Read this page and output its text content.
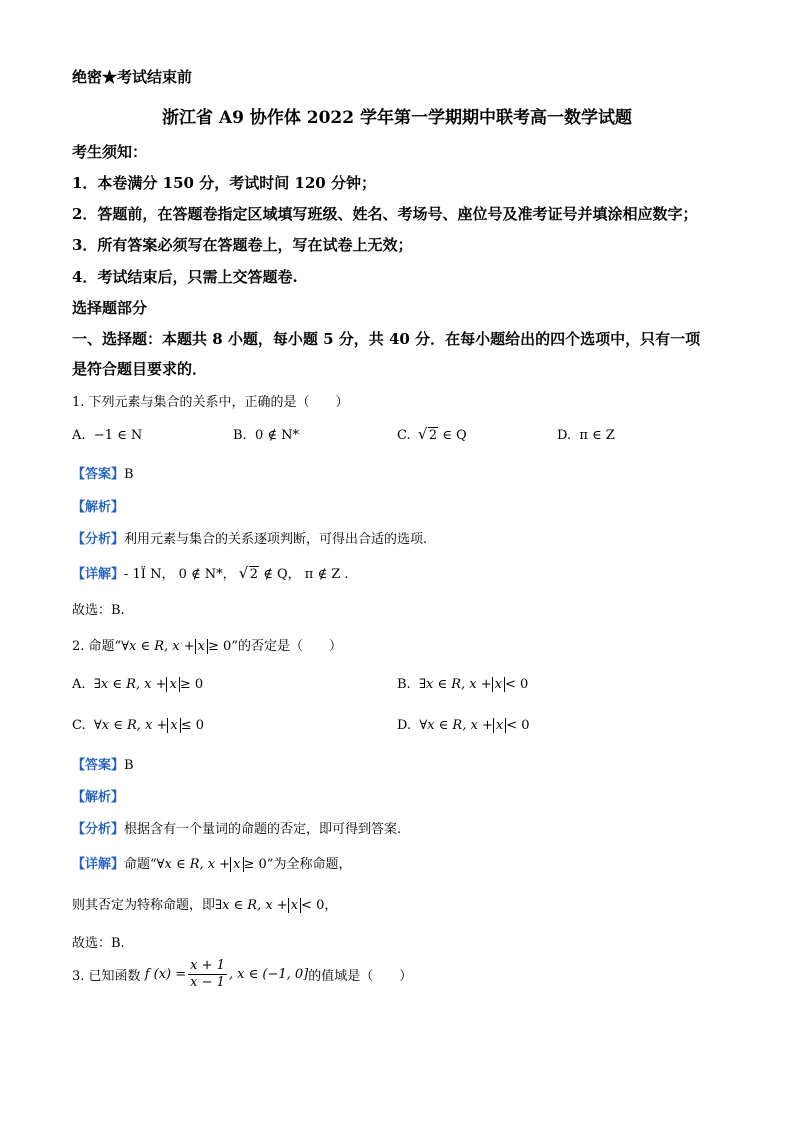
绝密★考试结束前
浙江省 A9 协作体 2022 学年第一学期期中联考高一数学试题
考生须知：
1．本卷满分 150 分，考试时间 120 分钟；
2．答题前，在答题卷指定区域填写班级、姓名、考场号、座位号及准考证号并填涂相应数字；
3．所有答案必须写在答题卷上，写在试卷上无效；
4．考试结束后，只需上交答题卷.
选择题部分
一、选择题：本题共 8 小题，每小题 5 分，共 40 分．在每小题给出的四个选项中，只有一项
是符合题目要求的．
1. 下列元素与集合的关系中，正确的是（　　）
A. −1 ∈ N	B. 0 ∉ N*	C. √ 2 ∈ Q	D. π ∈ Z
【答案】B
【解析】
【分析】利用元素与集合的关系逐项判断，可得出合适的选项.
【详解】- 1Ï N， 0 ∉ N*， √ 2 ∉ Q， π ∉ Z .
故选：B.
2. 命题“∀x ∈ R, x + x ≥ 0”的否定是（　　）
A. ∃x ∈ R, x + x ≥ 0	B. ∃x ∈ R, x + x < 0
C. ∀x ∈ R, x + x ≤ 0	D. ∀x ∈ R, x + x < 0
【答案】B
【解析】
【分析】根据含有一个量词的命题的否定，即可得到答案.
【详解】命题“∀x ∈ R, x + x ≥ 0”为全称命题，
则其否定为特称命题，即∃x ∈ R, x + x < 0，
故选：B.
3. 已知函数
f $(x) = \frac{x + 1}{x - 1}$ , x ∈ (−1, 0] 的值域是（　　）
